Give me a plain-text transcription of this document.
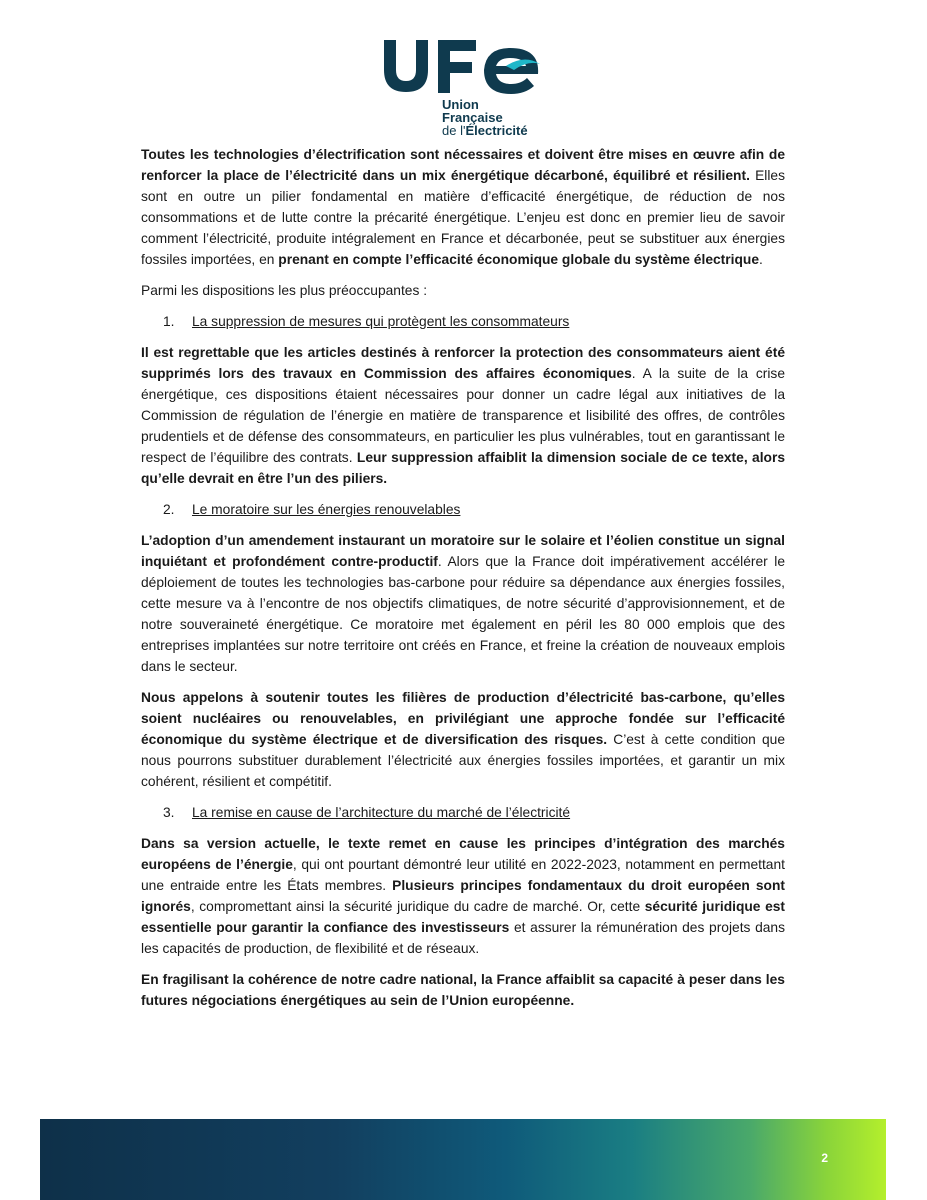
Union
Française
de l'Électricité

Toutes les technologies d’électrification sont nécessaires et doivent être mises en œuvre afin de renforcer la place de l’électricité dans un mix énergétique décarboné, équilibré et résilient. Elles sont en outre un pilier fondamental en matière d’efficacité énergétique, de réduction de nos consommations et de lutte contre la précarité énergétique. L’enjeu est donc en premier lieu de savoir comment l’électricité, produite intégralement en France et décarbonée, peut se substituer aux énergies fossiles importées, en prenant en compte l’efficacité économique globale du système électrique.

Parmi les dispositions les plus préoccupantes :

1.	La suppression de mesures qui protègent les consommateurs

Il est regrettable que les articles destinés à renforcer la protection des consommateurs aient été supprimés lors des travaux en Commission des affaires économiques. A la suite de la crise énergétique, ces dispositions étaient nécessaires pour donner un cadre légal aux initiatives de la Commission de régulation de l’énergie en matière de transparence et lisibilité des offres, de contrôles prudentiels et de défense des consommateurs, en particulier les plus vulnérables, tout en garantissant le respect de l’équilibre des contrats. Leur suppression affaiblit la dimension sociale de ce texte, alors qu’elle devrait en être l’un des piliers.

2.	Le moratoire sur les énergies renouvelables

L’adoption d’un amendement instaurant un moratoire sur le solaire et l’éolien constitue un signal inquiétant et profondément contre-productif. Alors que la France doit impérativement accélérer le déploiement de toutes les technologies bas-carbone pour réduire sa dépendance aux énergies fossiles, cette mesure va à l’encontre de nos objectifs climatiques, de notre sécurité d’approvisionnement, et de notre souveraineté énergétique. Ce moratoire met également en péril les 80 000 emplois que des entreprises implantées sur notre territoire ont créés en France, et freine la création de nouveaux emplois dans le secteur.

Nous appelons à soutenir toutes les filières de production d’électricité bas-carbone, qu’elles soient nucléaires ou renouvelables, en privilégiant une approche fondée sur l’efficacité économique du système électrique et de diversification des risques. C’est à cette condition que nous pourrons substituer durablement l’électricité aux énergies fossiles importées, et garantir un mix cohérent, résilient et compétitif.

3.	La remise en cause de l’architecture du marché de l’électricité

Dans sa version actuelle, le texte remet en cause les principes d’intégration des marchés européens de l’énergie, qui ont pourtant démontré leur utilité en 2022-2023, notamment en permettant une entraide entre les États membres. Plusieurs principes fondamentaux du droit européen sont ignorés, compromettant ainsi la sécurité juridique du cadre de marché. Or, cette sécurité juridique est essentielle pour garantir la confiance des investisseurs et assurer la rémunération des projets dans les capacités de production, de flexibilité et de réseaux.

En fragilisant la cohérence de notre cadre national, la France affaiblit sa capacité à peser dans les futures négociations énergétiques au sein de l’Union européenne.

2
